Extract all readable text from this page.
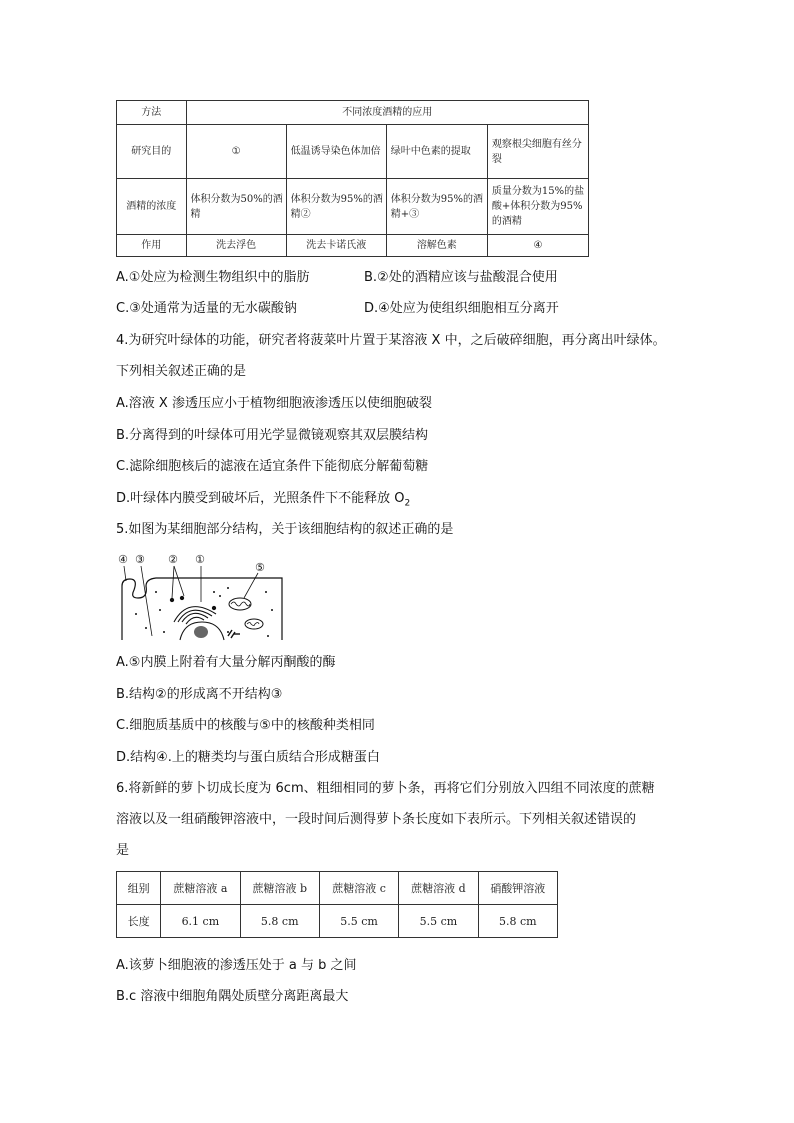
方法	不同浓度酒精的应用			
研究目的	①	低温诱导染色体加倍	绿叶中色素的提取	观察根尖细胞有丝分裂
酒精的浓度	体积分数为50%的酒精	体积分数为95%的酒精②	体积分数为95%的酒精+③	质量分数为15%的盐酸+体积分数为95%的酒精
作用	洗去浮色	洗去卡诺氏液	溶解色素	④
A.①处应为检测生物组织中的脂肪	B.②处的酒精应该与盐酸混合使用
C.③处通常为适量的无水碳酸钠	D.④处应为使组织细胞相互分离开
4.为研究叶绿体的功能，研究者将菠菜叶片置于某溶液 X 中，之后破碎细胞，再分离出叶绿体。
下列相关叙述正确的是
A.溶液 X 渗透压应小于植物细胞液渗透压以使细胞破裂
B.分离得到的叶绿体可用光学显微镜观察其双层膜结构
C.滤除细胞核后的滤液在适宜条件下能彻底分解葡萄糖
D.叶绿体内膜受到破坏后，光照条件下不能释放 $O_2$
5.如图为某细胞部分结构，关于该细胞结构的叙述正确的是
④ ③ ② ①
⑤
A.⑤内膜上附着有大量分解丙酮酸的酶
B.结构②的形成离不开结构③
C.细胞质基质中的核酸与⑤中的核酸种类相同
D.结构④.上的糖类均与蛋白质结合形成糖蛋白
6.将新鲜的萝卜切成长度为 6cm、粗细相同的萝卜条，再将它们分别放入四组不同浓度的蔗糖
溶液以及一组硝酸钾溶液中，一段时间后测得萝卜条长度如下表所示。下列相关叙述错误的
是
组别	蔗糖溶液 a	蔗糖溶液 b	蔗糖溶液 c	蔗糖溶液 d	硝酸钾溶液
长度	6.1 cm	5.8 cm	5.5 cm	5.5 cm	5.8 cm
A.该萝卜细胞液的渗透压处于 a 与 b 之间
B.c 溶液中细胞角隅处质壁分离距离最大
